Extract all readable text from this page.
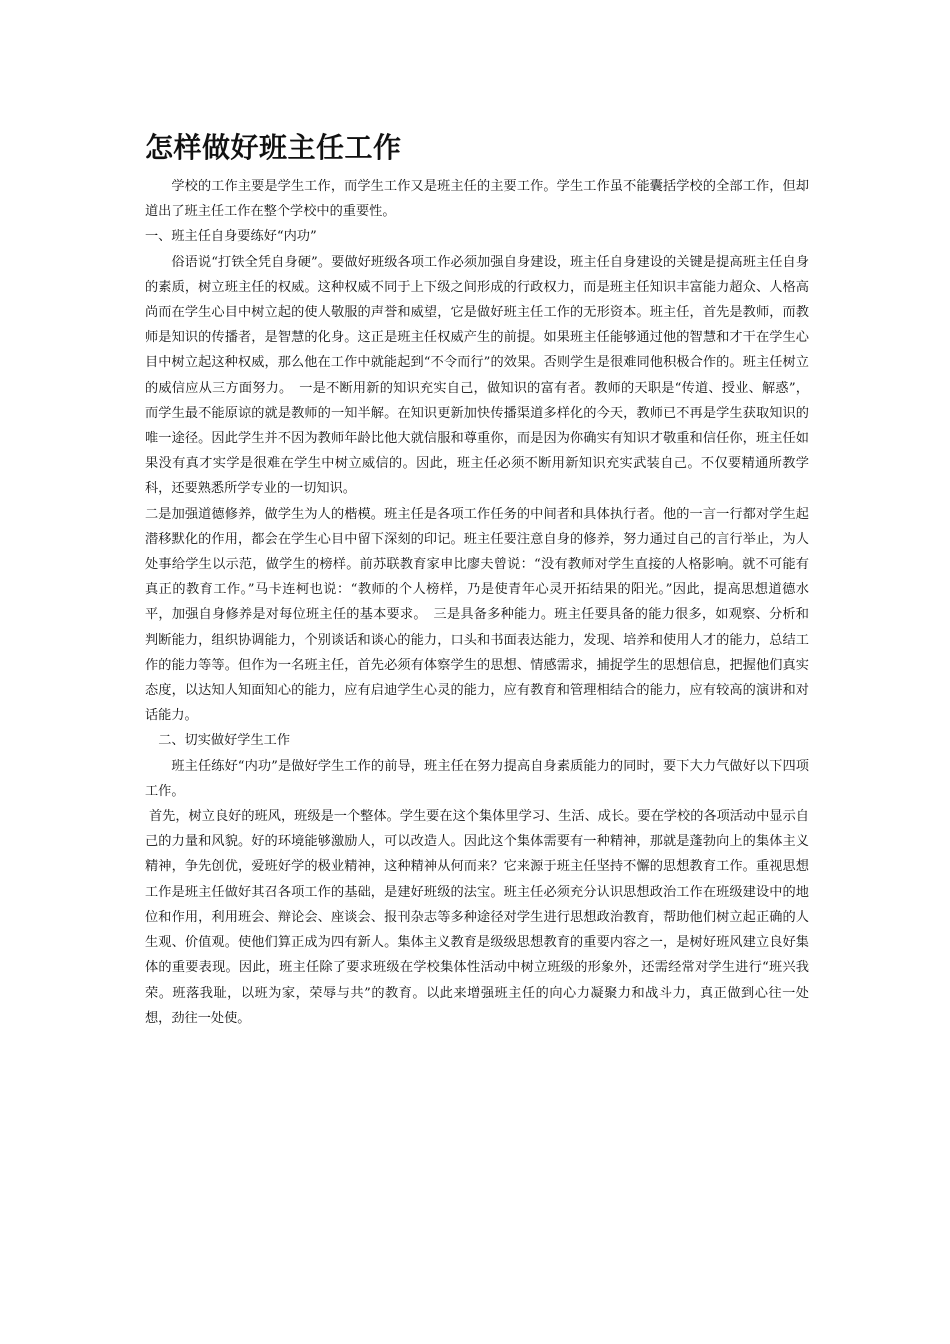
怎样做好班主任工作

学校的工作主要是学生工作，而学生工作又是班主任的主要工作。学生工作虽不能囊括学校的全部工作，但却道出了班主任工作在整个学校中的重要性。

一、班主任自身要练好“内功”

俗语说“打铁全凭自身硬”。要做好班级各项工作必须加强自身建设，班主任自身建设的关键是提高班主任自身的素质，树立班主任的权威。这种权威不同于上下级之间形成的行政权力，而是班主任知识丰富能力超众、人格高尚而在学生心目中树立起的使人敬服的声誉和威望，它是做好班主任工作的无形资本。班主任，首先是教师，而教师是知识的传播者，是智慧的化身。这正是班主任权威产生的前提。如果班主任能够通过他的智慧和才干在学生心目中树立起这种权威，那么他在工作中就能起到“不令而行”的效果。否则学生是很难同他积极合作的。班主任树立的威信应从三方面努力。　一是不断用新的知识充实自己，做知识的富有者。教师的天职是“传道、授业、解惑”，而学生最不能原谅的就是教师的一知半解。在知识更新加快传播渠道多样化的今天，教师已不再是学生获取知识的唯一途径。因此学生并不因为教师年龄比他大就信服和尊重你，而是因为你确实有知识才敬重和信任你，班主任如果没有真才实学是很难在学生中树立威信的。因此，班主任必须不断用新知识充实武装自己。不仅要精通所教学科，还要熟悉所学专业的一切知识。

二是加强道德修养，做学生为人的楷模。班主任是各项工作任务的中间者和具体执行者。他的一言一行都对学生起潜移默化的作用，都会在学生心目中留下深刻的印记。班主任要注意自身的修养，努力通过自己的言行举止，为人处事给学生以示范，做学生的榜样。前苏联教育家申比廖夫曾说：“没有教师对学生直接的人格影响。就不可能有真正的教育工作。”马卡连柯也说：“教师的个人榜样，乃是使青年心灵开拓结果的阳光。”因此，提高思想道德水平，加强自身修养是对每位班主任的基本要求。　三是具备多种能力。班主任要具备的能力很多，如观察、分析和判断能力，组织协调能力，个别谈话和谈心的能力，口头和书面表达能力，发现、培养和使用人才的能力，总结工作的能力等等。但作为一名班主任，首先必须有体察学生的思想、情感需求，捕捉学生的思想信息，把握他们真实态度，以达知人知面知心的能力，应有启迪学生心灵的能力，应有教育和管理相结合的能力，应有较高的演讲和对话能力。

二、切实做好学生工作

班主任练好“内功”是做好学生工作的前导，班主任在努力提高自身素质能力的同时，要下大力气做好以下四项工作。

首先，树立良好的班风，班级是一个整体。学生要在这个集体里学习、生活、成长。要在学校的各项活动中显示自己的力量和风貌。好的环境能够激励人，可以改造人。因此这个集体需要有一种精神，那就是蓬勃向上的集体主义精神，争先创优，爱班好学的极业精神，这种精神从何而来？它来源于班主任坚持不懈的思想教育工作。重视思想工作是班主任做好其召各项工作的基础，是建好班级的法宝。班主任必须充分认识思想政治工作在班级建设中的地位和作用，利用班会、辩论会、座谈会、报刊杂志等多种途径对学生进行思想政治教育，帮助他们树立起正确的人生观、价值观。使他们算正成为四有新人。集体主义教育是级级思想教育的重要内容之一，是树好班风建立良好集体的重要表现。因此，班主任除了要求班级在学校集体性活动中树立班级的形象外，还需经常对学生进行“班兴我荣。班落我耻，以班为家，荣辱与共”的教育。以此来增强班主任的向心力凝聚力和战斗力，真正做到心往一处想，劲往一处使。
